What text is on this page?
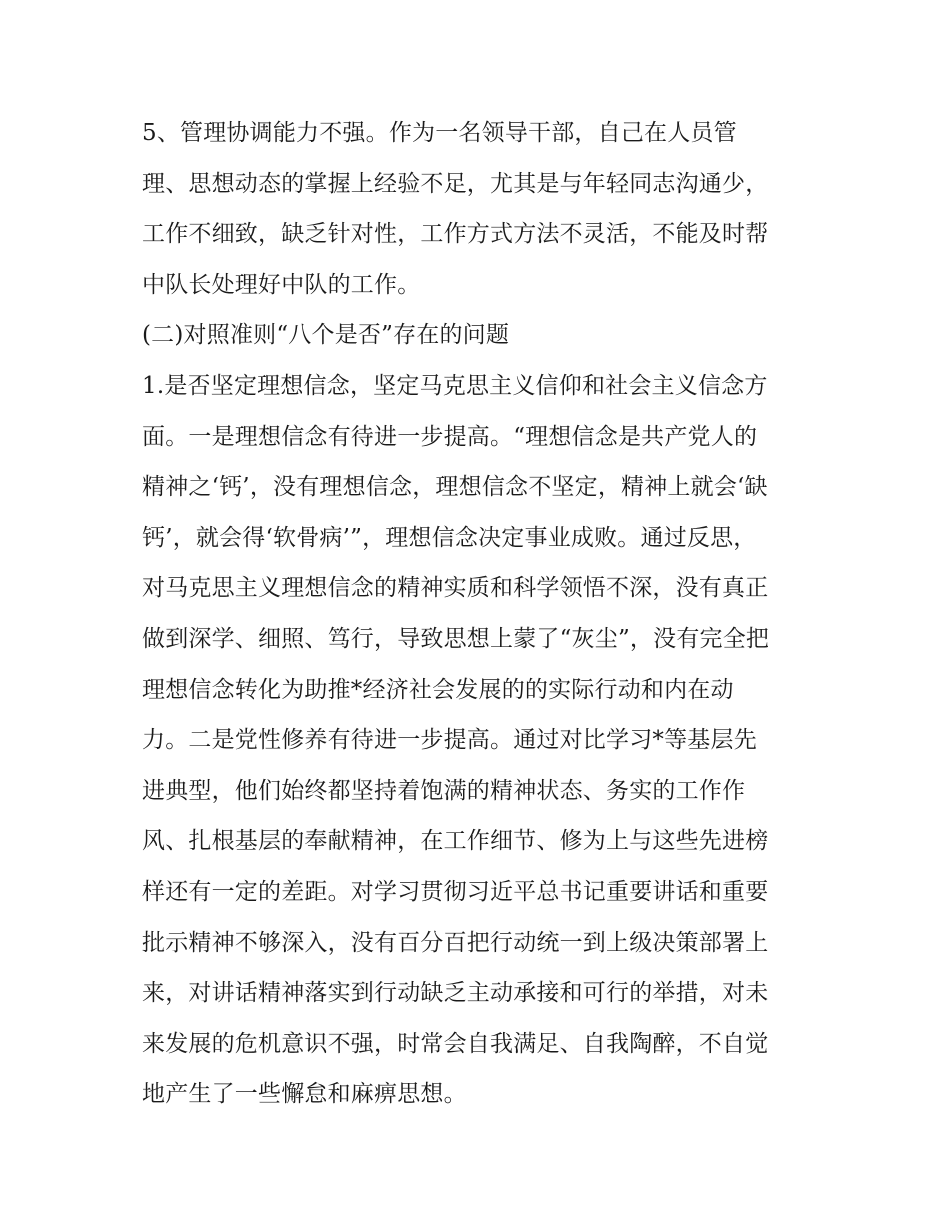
5、管理协调能力不强。作为一名领导干部，自己在人员管
理、思想动态的掌握上经验不足，尤其是与年轻同志沟通少，
工作不细致，缺乏针对性，工作方式方法不灵活，不能及时帮
中队长处理好中队的工作。
(二)对照准则“八个是否”存在的问题
1.是否坚定理想信念，坚定马克思主义信仰和社会主义信念方
面。一是理想信念有待进一步提高。“理想信念是共产党人的
精神之‘钙’，没有理想信念，理想信念不坚定，精神上就会‘缺
钙’，就会得‘软骨病’”，理想信念决定事业成败。通过反思，
对马克思主义理想信念的精神实质和科学领悟不深，没有真正
做到深学、细照、笃行，导致思想上蒙了“灰尘”，没有完全把
理想信念转化为助推*经济社会发展的的实际行动和内在动
力。二是党性修养有待进一步提高。通过对比学习*等基层先
进典型，他们始终都坚持着饱满的精神状态、务实的工作作
风、扎根基层的奉献精神，在工作细节、修为上与这些先进榜
样还有一定的差距。对学习贯彻习近平总书记重要讲话和重要
批示精神不够深入，没有百分百把行动统一到上级决策部署上
来，对讲话精神落实到行动缺乏主动承接和可行的举措，对未
来发展的危机意识不强，时常会自我满足、自我陶醉，不自觉
地产生了一些懈怠和麻痹思想。
